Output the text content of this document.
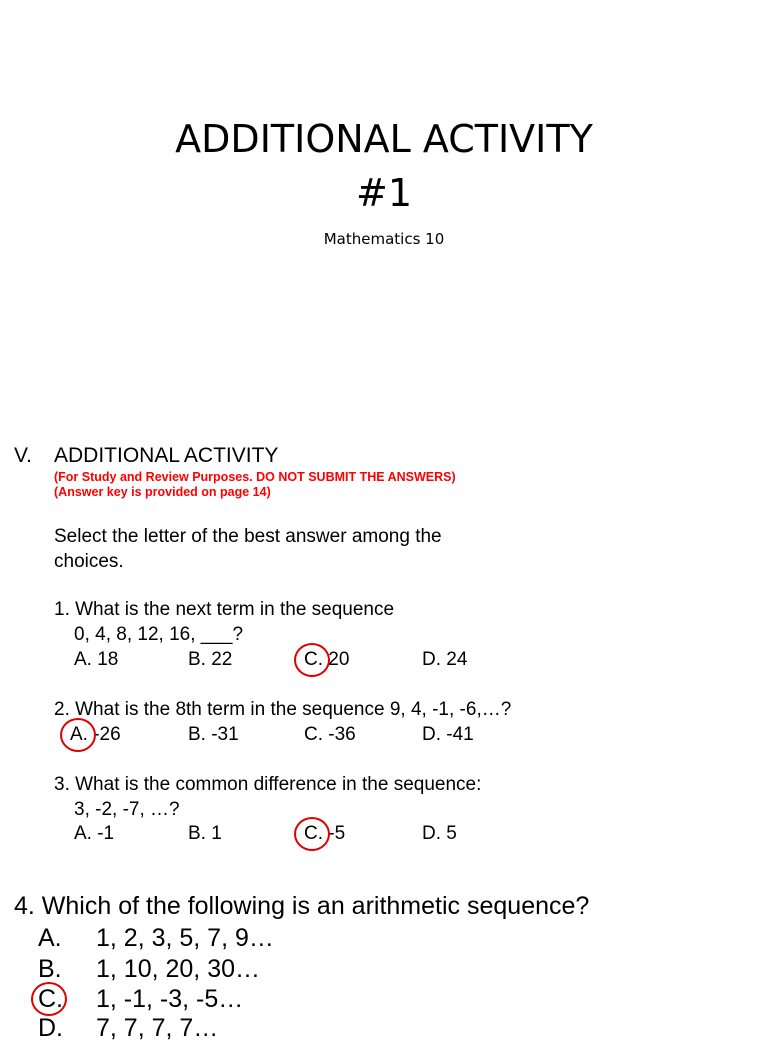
ADDITIONAL ACTIVITY
#1
Mathematics 10
V. ADDITIONAL ACTIVITY
(For Study and Review Purposes. DO NOT SUBMIT THE ANSWERS)
(Answer key is provided on page 14)
Select the letter of the best answer among the
choices.
1. What is the next term in the sequence
0, 4, 8, 12, 16, ___?
A. 18	B. 22	C. 20	D. 24
2. What is the 8th term in the sequence 9, 4, -1, -6,…?
A. -26	B. -31	C. -36	D. -41
3. What is the common difference in the sequence:
3, -2, -7, …?
A. -1	B. 1	C. -5	D. 5
4. Which of the following is an arithmetic sequence?
A. 1, 2, 3, 5, 7, 9…
B. 1, 10, 20, 30…
C. 1, -1, -3, -5…
D. 7, 7, 7, 7…
